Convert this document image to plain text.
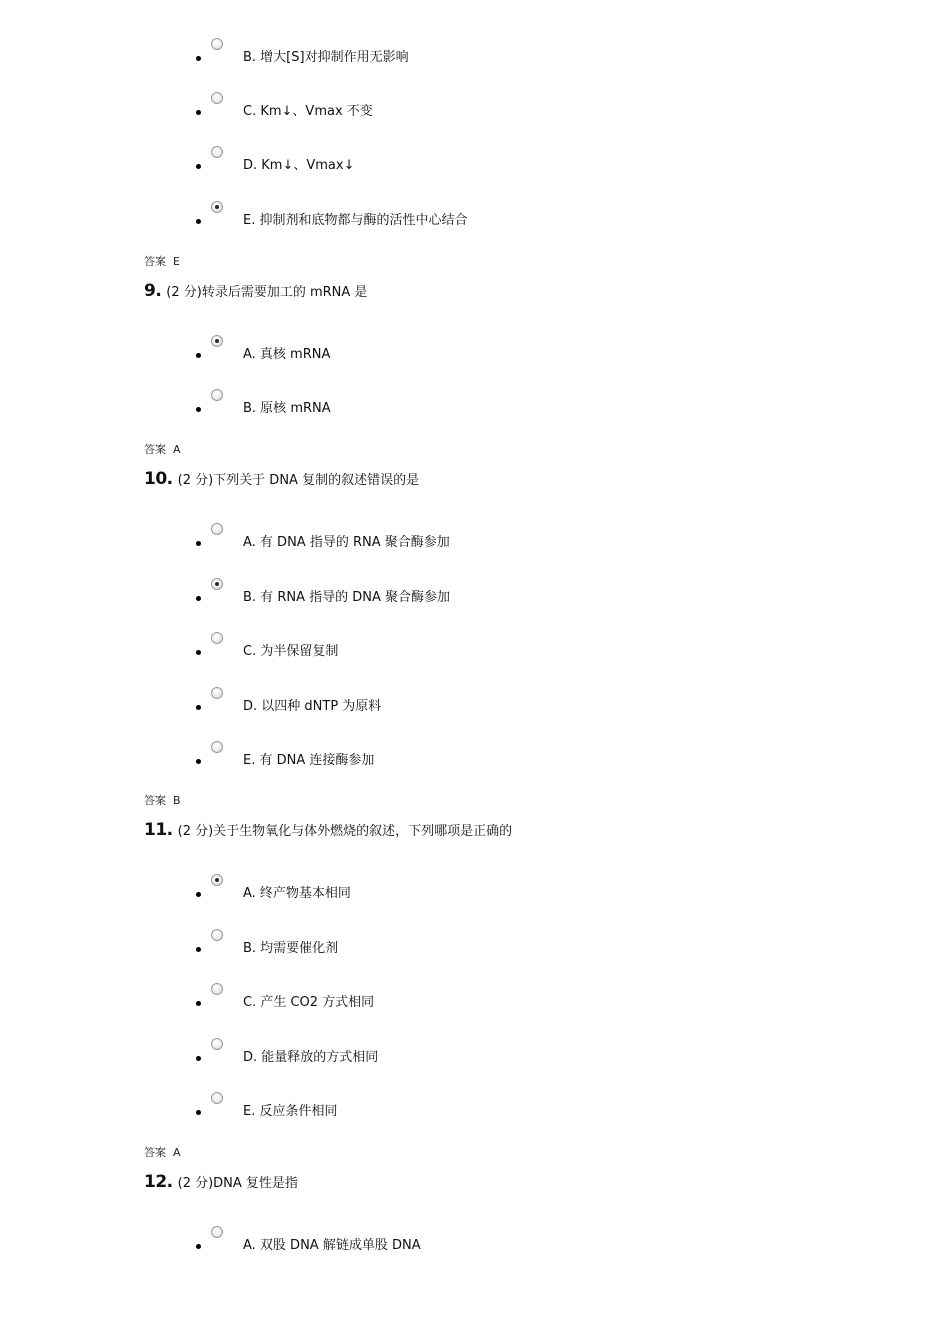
B. 增大[S]对抑制作用无影响
C. Km↓、Vmax 不变
D. Km↓、Vmax↓
E. 抑制剂和底物都与酶的活性中心结合
答案 E
9. (2 分)转录后需要加工的 mRNA 是
A. 真核 mRNA
B. 原核 mRNA
答案 A
10. (2 分)下列关于 DNA 复制的叙述错误的是
A. 有 DNA 指导的 RNA 聚合酶参加
B. 有 RNA 指导的 DNA 聚合酶参加
C. 为半保留复制
D. 以四种 dNTP 为原料
E. 有 DNA 连接酶参加
答案 B
11. (2 分)关于生物氧化与体外燃烧的叙述，下列哪项是正确的
A. 终产物基本相同
B. 均需要催化剂
C. 产生 CO2 方式相同
D. 能量释放的方式相同
E. 反应条件相同
答案 A
12. (2 分)DNA 复性是指
A. 双股 DNA 解链成单股 DNA
